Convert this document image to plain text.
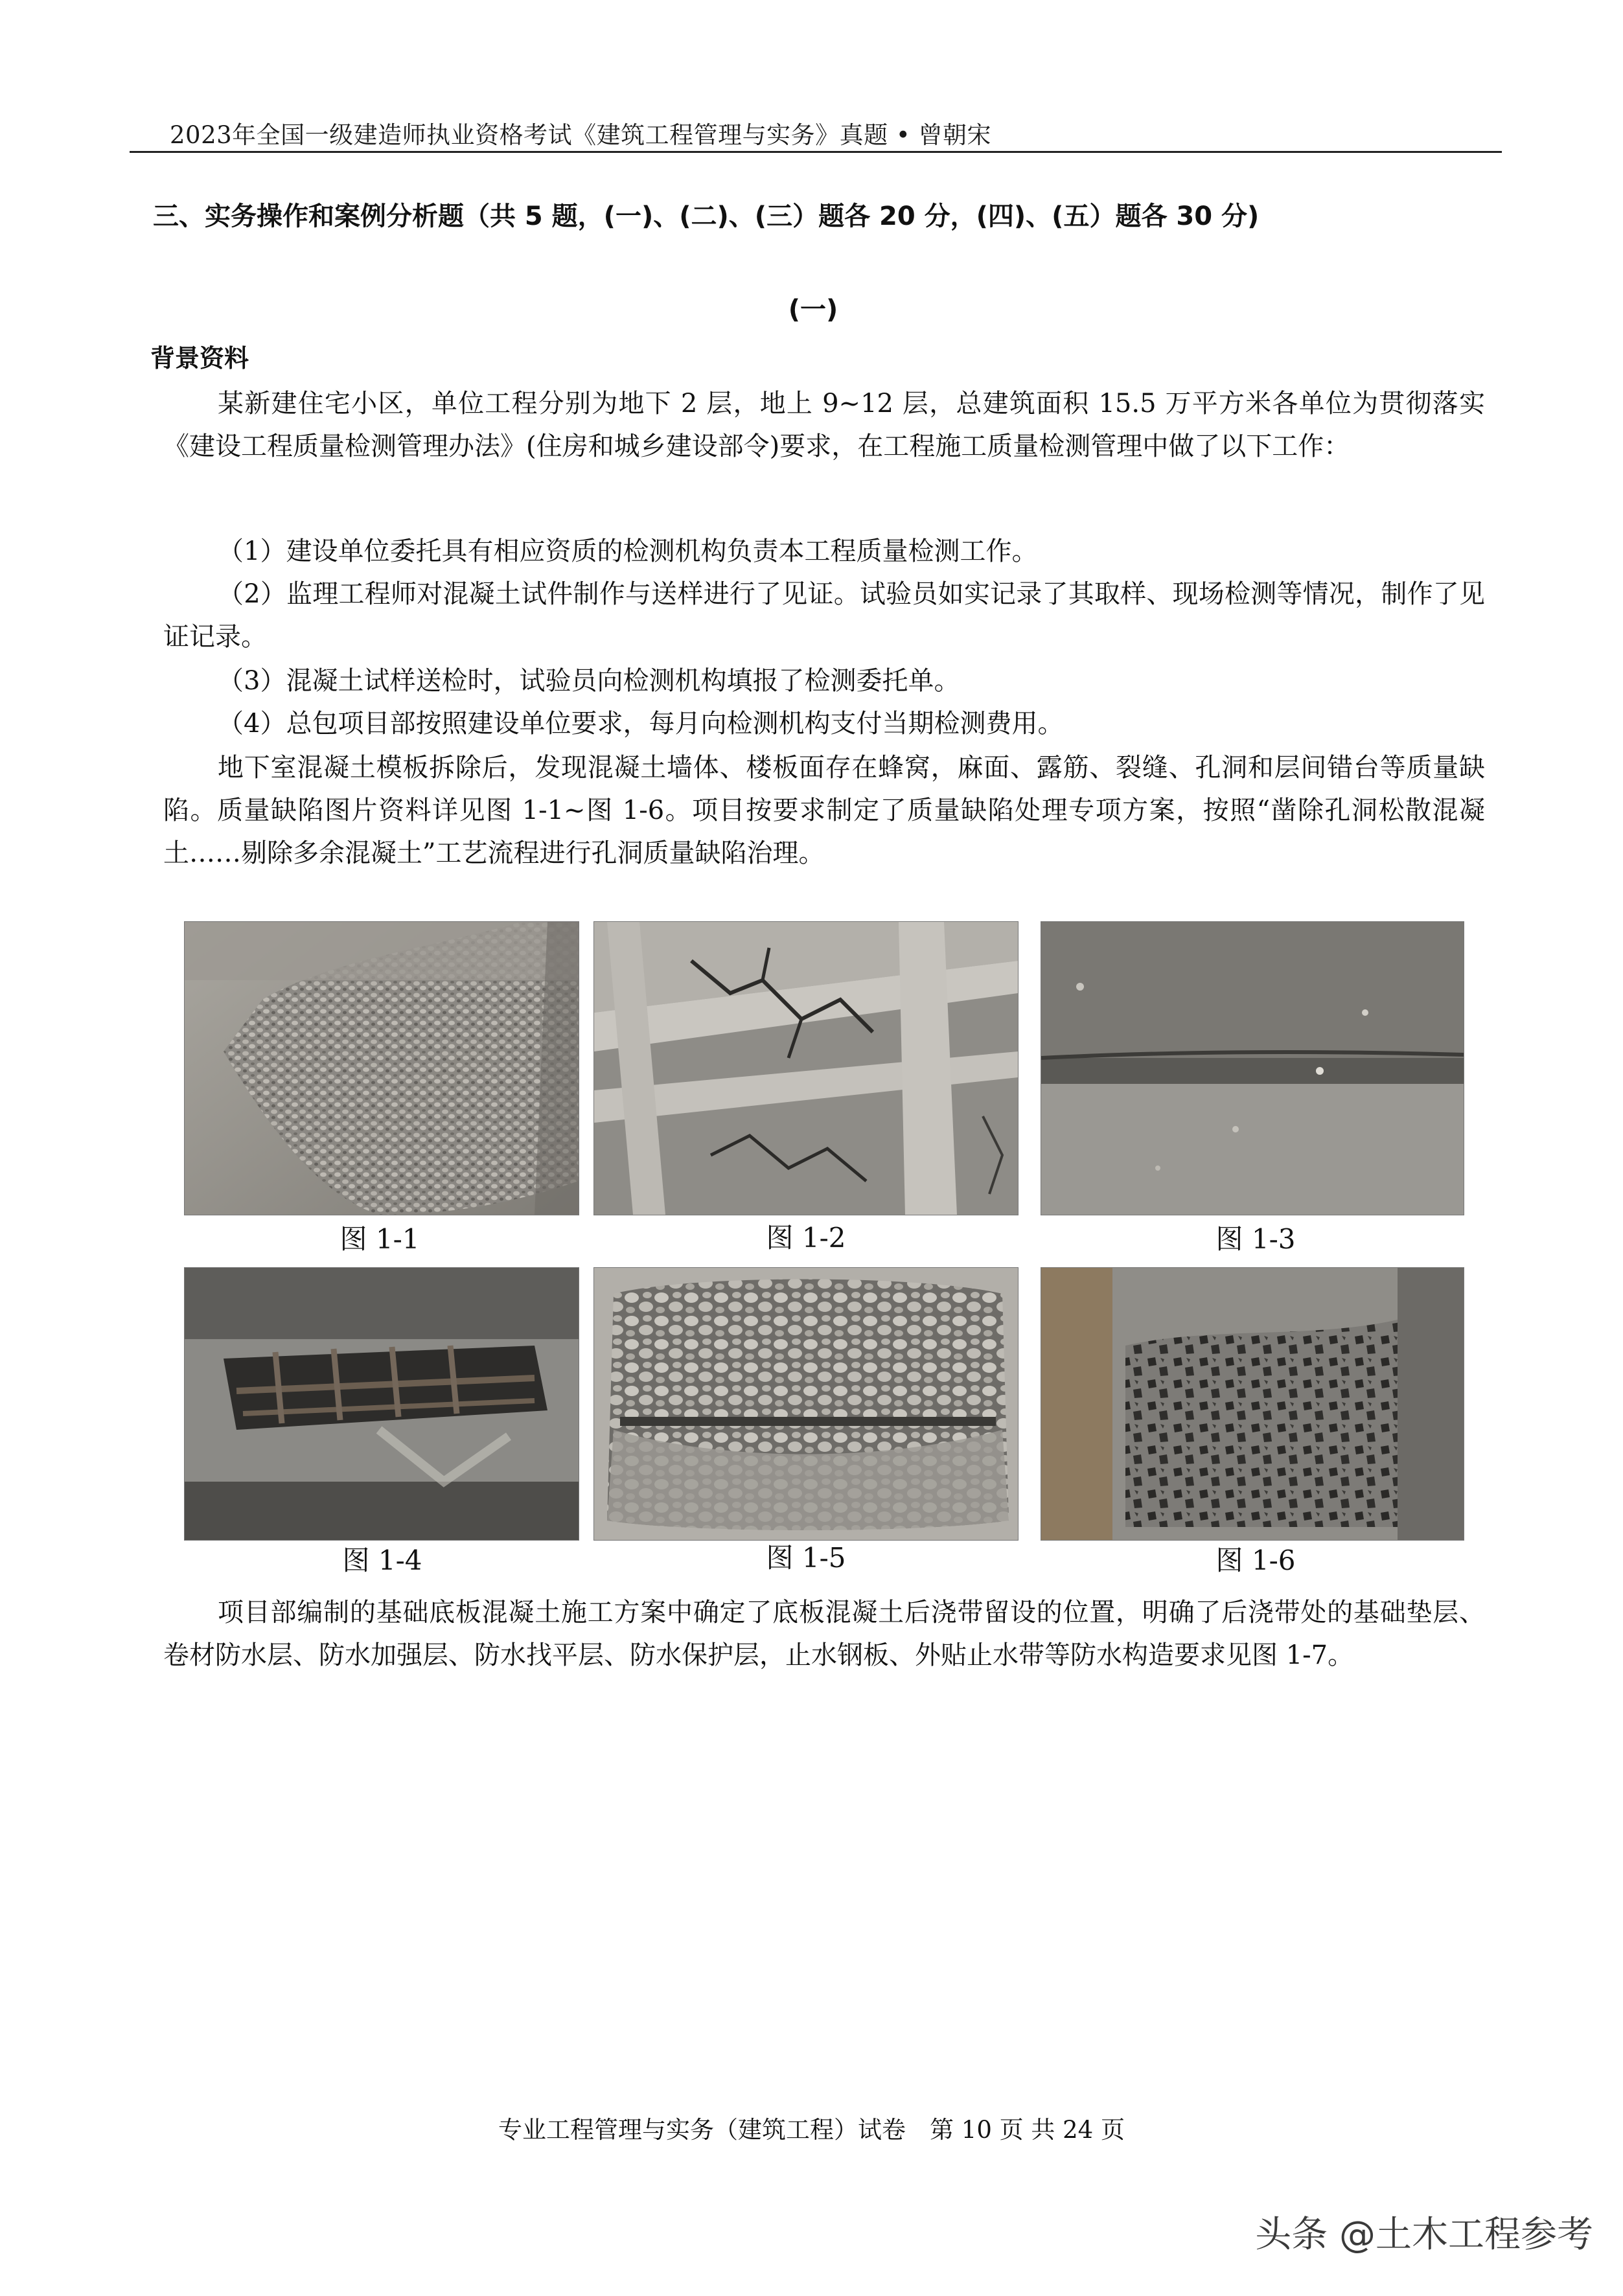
2023年全国一级建造师执业资格考试《建筑工程管理与实务》真题 • 曾朝宋
三、实务操作和案例分析题（共 5 题，(一)、(二)、(三）题各 20 分，(四)、(五）题各 30 分)
(一)
背景资料

某新建住宅小区，单位工程分别为地下 2 层，地上 9~12 层，总建筑面积 15.5 万平方米各单位为贯彻落实《建设工程质量检测管理办法》(住房和城乡建设部令)要求，在工程施工质量检测管理中做了以下工作：

（1）建设单位委托具有相应资质的检测机构负责本工程质量检测工作。

（2）监理工程师对混凝土试件制作与送样进行了见证。试验员如实记录了其取样、现场检测等情况，制作了见证记录。

（3）混凝土试样送检时，试验员向检测机构填报了检测委托单。

（4）总包项目部按照建设单位要求，每月向检测机构支付当期检测费用。

地下室混凝土模板拆除后，发现混凝土墙体、楼板面存在蜂窝，麻面、露筋、裂缝、孔洞和层间错台等质量缺陷。质量缺陷图片资料详见图 1-1~图 1-6。项目按要求制定了质量缺陷处理专项方案，按照“凿除孔洞松散混凝土……剔除多余混凝土”工艺流程进行孔洞质量缺陷治理。

图 1-1	图 1-2	图 1-3
图 1-4	图 1-5	图 1-6

项目部编制的基础底板混凝土施工方案中确定了底板混凝土后浇带留设的位置，明确了后浇带处的基础垫层、卷材防水层、防水加强层、防水找平层、防水保护层，止水钢板、外贴止水带等防水构造要求见图 1-7。

专业工程管理与实务（建筑工程）试卷　第 10 页 共 24 页
头条 @土木工程参考
